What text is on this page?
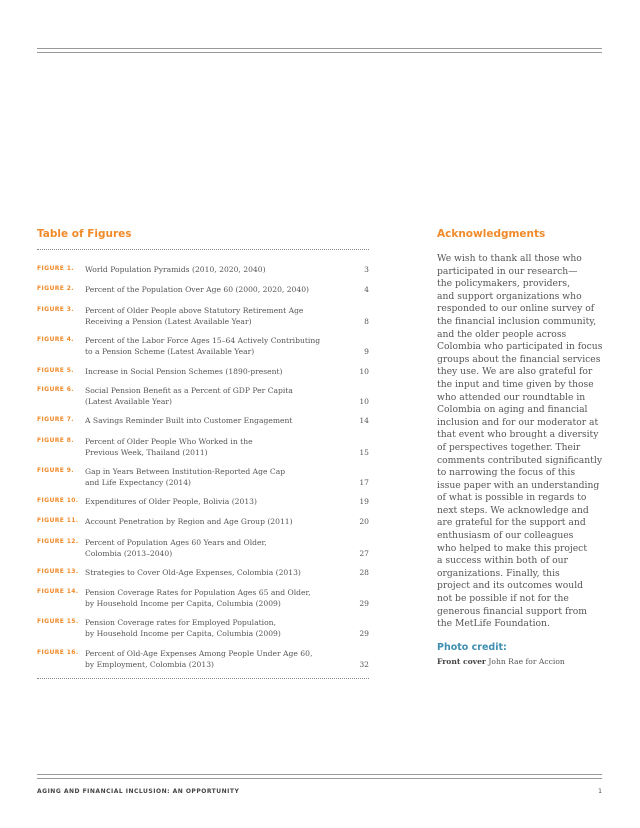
Table of Figures
FIGURE 1. World Population Pyramids (2010, 2020, 2040)	3
FIGURE 2. Percent of the Population Over Age 60 (2000, 2020, 2040)	4
FIGURE 3. Percent of Older People above Statutory Retirement Age
Receiving a Pension (Latest Available Year)	8
FIGURE 4. Percent of the Labor Force Ages 15–64 Actively Contributing
to a Pension Scheme (Latest Available Year)	9
FIGURE 5. Increase in Social Pension Schemes (1890-present)	10
FIGURE 6. Social Pension Benefit as a Percent of GDP Per Capita
(Latest Available Year)	10
FIGURE 7. A Savings Reminder Built into Customer Engagement	14
FIGURE 8. Percent of Older People Who Worked in the
Previous Week, Thailand (2011)	15
FIGURE 9. Gap in Years Between Institution-Reported Age Cap
and Life Expectancy (2014)	17
FIGURE 10. Expenditures of Older People, Bolivia (2013)	19
FIGURE 11. Account Penetration by Region and Age Group (2011)	20
FIGURE 12. Percent of Population Ages 60 Years and Older,
Colombia (2013–2040)	27
FIGURE 13. Strategies to Cover Old-Age Expenses, Colombia (2013)	28
FIGURE 14. Pension Coverage Rates for Population Ages 65 and Older,
by Household Income per Capita, Columbia (2009)	29
FIGURE 15. Pension Coverage rates for Employed Population,
by Household Income per Capita, Columbia (2009)	29
FIGURE 16. Percent of Old-Age Expenses Among People Under Age 60,
by Employment, Colombia (2013)	32
Acknowledgments

We wish to thank all those who
participated in our research—
the policymakers, providers,
and support organizations who
responded to our online survey of
the financial inclusion community,
and the older people across
Colombia who participated in focus
groups about the financial services
they use. We are also grateful for
the input and time given by those
who attended our roundtable in
Colombia on aging and financial
inclusion and for our moderator at
that event who brought a diversity
of perspectives together. Their
comments contributed significantly
to narrowing the focus of this
issue paper with an understanding
of what is possible in regards to
next steps. We acknowledge and
are grateful for the support and
enthusiasm of our colleagues
who helped to make this project
a success within both of our
organizations. Finally, this
project and its outcomes would
not be possible if not for the
generous financial support from
the MetLife Foundation.

Photo credit:
Front cover John Rae for Accion
AGING AND FINANCIAL INCLUSION: AN OPPORTUNITY	1
